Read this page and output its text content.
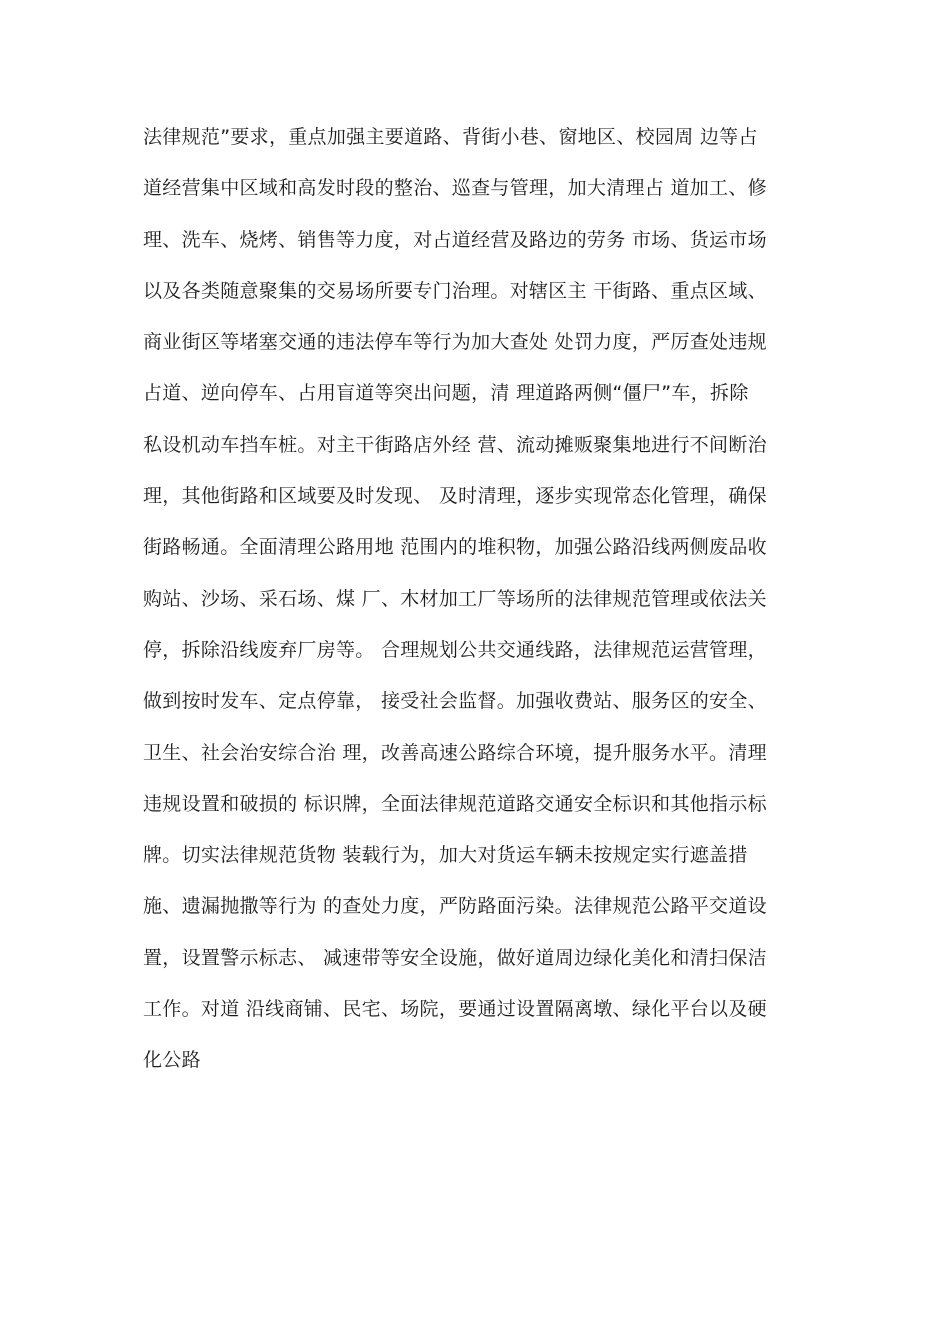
法律规范”要求，重点加强主要道路、背街小巷、窗地区、校园周 边等占
道经营集中区域和高发时段的整治、巡查与管理，加大清理占 道加工、修
理、洗车、烧烤、销售等力度，对占道经营及路边的劳务 市场、货运市场
以及各类随意聚集的交易场所要专门治理。对辖区主 干街路、重点区域、
商业街区等堵塞交通的违法停车等行为加大查处 处罚力度，严厉查处违规
占道、逆向停车、占用盲道等突出问题，清 理道路两侧“僵尸”车，拆除
私设机动车挡车桩。对主干街路店外经 营、流动摊贩聚集地进行不间断治
理，其他街路和区域要及时发现、 及时清理，逐步实现常态化管理，确保
街路畅通。全面清理公路用地 范围内的堆积物，加强公路沿线两侧废品收
购站、沙场、采石场、煤 厂、木材加工厂等场所的法律规范管理或依法关
停，拆除沿线废弃厂房等。 合理规划公共交通线路，法律规范运营管理，
做到按时发车、定点停靠， 接受社会监督。加强收费站、服务区的安全、
卫生、社会治安综合治 理，改善高速公路综合环境，提升服务水平。清理
违规设置和破损的 标识牌，全面法律规范道路交通安全标识和其他指示标
牌。切实法律规范货物 装载行为，加大对货运车辆未按规定实行遮盖措
施、遗漏抛撒等行为 的查处力度，严防路面污染。法律规范公路平交道设
置，设置警示标志、 减速带等安全设施，做好道周边绿化美化和清扫保洁
工作。对道 沿线商铺、民宅、场院，要通过设置隔离墩、绿化平台以及硬
化公路
